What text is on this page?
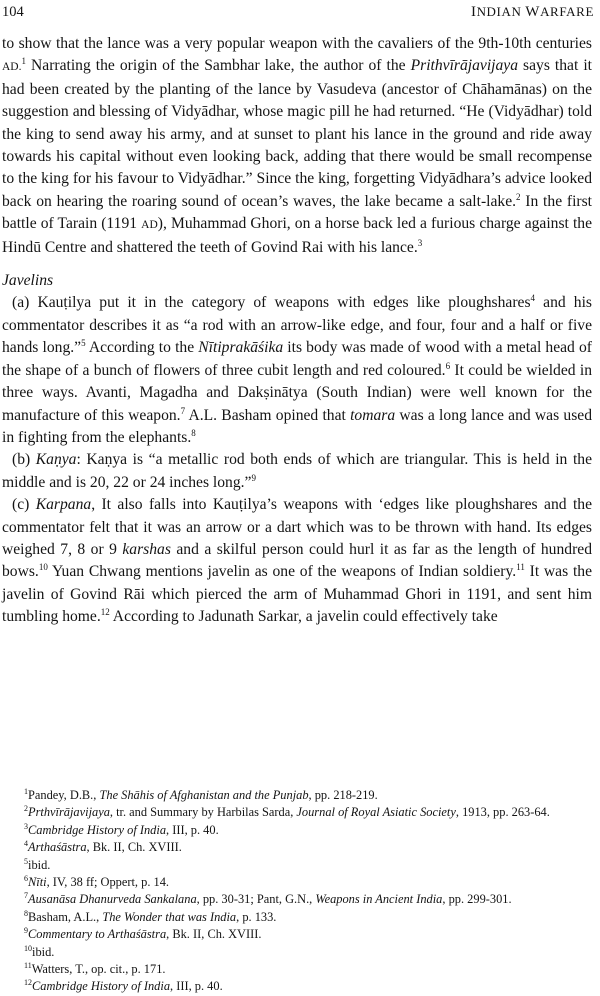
104	INDIAN WARFARE

to show that the lance was a very popular weapon with the cavaliers of the 9th-10th centuries AD.$^1$ Narrating the origin of the Sambhar lake, the author of the Prithvīrājavijaya says that it had been created by the planting of the lance by Vasudeva (ancestor of Chāhamānas) on the suggestion and blessing of Vidyādhar, whose magic pill he had returned. “He (Vidyādhar) told the king to send away his army, and at sunset to plant his lance in the ground and ride away towards his capital without even looking back, adding that there would be small recompense to the king for his favour to Vidyādhar.” Since the king, forgetting Vidyādhara’s advice looked back on hearing the roaring sound of ocean’s waves, the lake became a salt-lake.$^2$ In the first battle of Tarain (1191 AD), Muhammad Ghori, on a horse back led a furious charge against the Hindū Centre and shattered the teeth of Govind Rai with his lance.$^3$

Javelins

(a) Kauṭilya put it in the category of weapons with edges like ploughshares$^4$ and his commentator describes it as “a rod with an arrow-like edge, and four, four and a half or five hands long.”$^5$ According to the Nītiprakāśika its body was made of wood with a metal head of the shape of a bunch of flowers of three cubit length and red coloured.$^6$ It could be wielded in three ways. Avanti, Magadha and Dakṣinātya (South Indian) were well known for the manufacture of this weapon.$^7$ A.L. Basham opined that tomara was a long lance and was used in fighting from the elephants.$^8$

(b) Kaṇya: Kaṇya is “a metallic rod both ends of which are triangular. This is held in the middle and is 20, 22 or 24 inches long.”$^9$

(c) Karpana, It also falls into Kauṭilya’s weapons with ‘edges like ploughshares and the commentator felt that it was an arrow or a dart which was to be thrown with hand. Its edges weighed 7, 8 or 9 karshas and a skilful person could hurl it as far as the length of hundred bows.$^{10}$ Yuan Chwang mentions javelin as one of the weapons of Indian soldiery.$^{11}$ It was the javelin of Govind Rāi which pierced the arm of Muhammad Ghori in 1191, and sent him tumbling home.$^{12}$ According to Jadunath Sarkar, a javelin could effectively take

$^1$Pandey, D.B., The Shāhis of Afghanistan and the Punjab, pp. 218-219.
$^2$Prthvīrājavijaya, tr. and Summary by Harbilas Sarda, Journal of Royal Asiatic Society, 1913, pp. 263-64.
$^3$Cambridge History of India, III, p. 40.
$^4$Arthaśāstra, Bk. II, Ch. XVIII.
$^5$ibid.
$^6$Nīti, IV, 38 ff; Oppert, p. 14.
$^7$Ausanāsa Dhanurveda Sankalana, pp. 30-31; Pant, G.N., Weapons in Ancient India, pp. 299-301.
$^8$Basham, A.L., The Wonder that was India, p. 133.
$^9$Commentary to Arthaśāstra, Bk. II, Ch. XVIII.
$^{10}$ibid.
$^{11}$Watters, T., op. cit., p. 171.
$^{12}$Cambridge History of India, III, p. 40.
